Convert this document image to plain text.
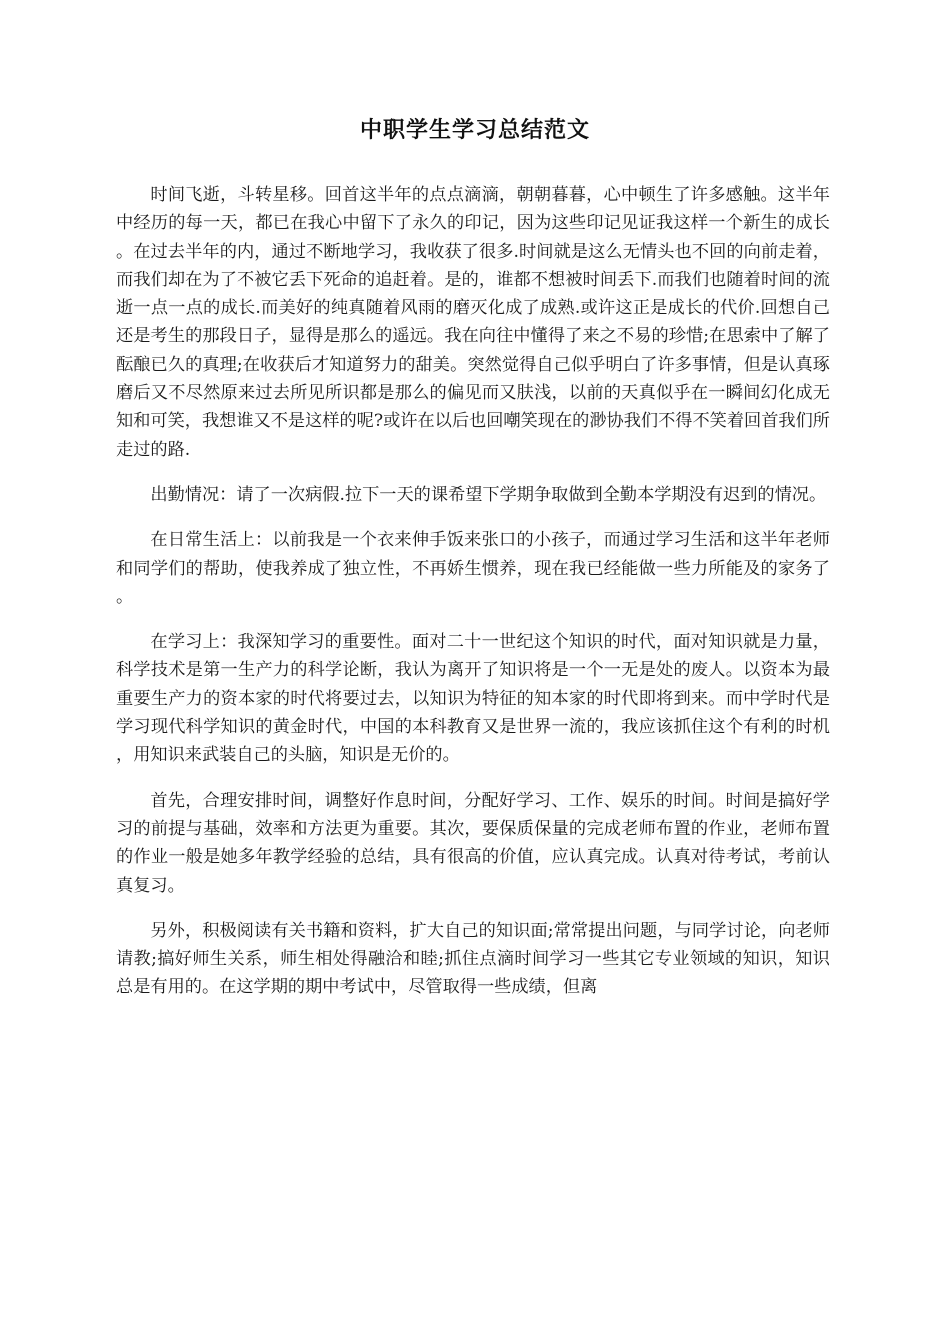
中职学生学习总结范文

时间飞逝，斗转星移。回首这半年的点点滴滴，朝朝暮暮，心中顿生了许多感触。这半年中经历的每一天，都已在我心中留下了永久的印记，因为这些印记见证我这样一个新生的成长。在过去半年的内，通过不断地学习，我收获了很多.时间就是这么无情头也不回的向前走着，而我们却在为了不被它丢下死命的追赶着。是的，谁都不想被时间丢下.而我们也随着时间的流逝一点一点的成长.而美好的纯真随着风雨的磨灭化成了成熟.或许这正是成长的代价.回想自己还是考生的那段日子，显得是那么的遥远。我在向往中懂得了来之不易的珍惜;在思索中了解了酝酿已久的真理;在收获后才知道努力的甜美。突然觉得自己似乎明白了许多事情，但是认真琢磨后又不尽然原来过去所见所识都是那么的偏见而又肤浅，以前的天真似乎在一瞬间幻化成无知和可笑，我想谁又不是这样的呢?或许在以后也回嘲笑现在的渺协我们不得不笑着回首我们所走过的路.

出勤情况：请了一次病假.拉下一天的课希望下学期争取做到全勤本学期没有迟到的情况。

在日常生活上：以前我是一个衣来伸手饭来张口的小孩子，而通过学习生活和这半年老师和同学们的帮助，使我养成了独立性，不再娇生惯养，现在我已经能做一些力所能及的家务了。

在学习上：我深知学习的重要性。面对二十一世纪这个知识的时代，面对知识就是力量，科学技术是第一生产力的科学论断，我认为离开了知识将是一个一无是处的废人。以资本为最重要生产力的资本家的时代将要过去，以知识为特征的知本家的时代即将到来。而中学时代是学习现代科学知识的黄金时代，中国的本科教育又是世界一流的，我应该抓住这个有利的时机，用知识来武装自己的头脑，知识是无价的。

首先，合理安排时间，调整好作息时间，分配好学习、工作、娱乐的时间。时间是搞好学习的前提与基础，效率和方法更为重要。其次，要保质保量的完成老师布置的作业，老师布置的作业一般是她多年教学经验的总结，具有很高的价值，应认真完成。认真对待考试，考前认真复习。

另外，积极阅读有关书籍和资料，扩大自己的知识面;常常提出问题，与同学讨论，向老师请教;搞好师生关系，师生相处得融洽和睦;抓住点滴时间学习一些其它专业领域的知识，知识总是有用的。在这学期的期中考试中，尽管取得一些成绩，但离
